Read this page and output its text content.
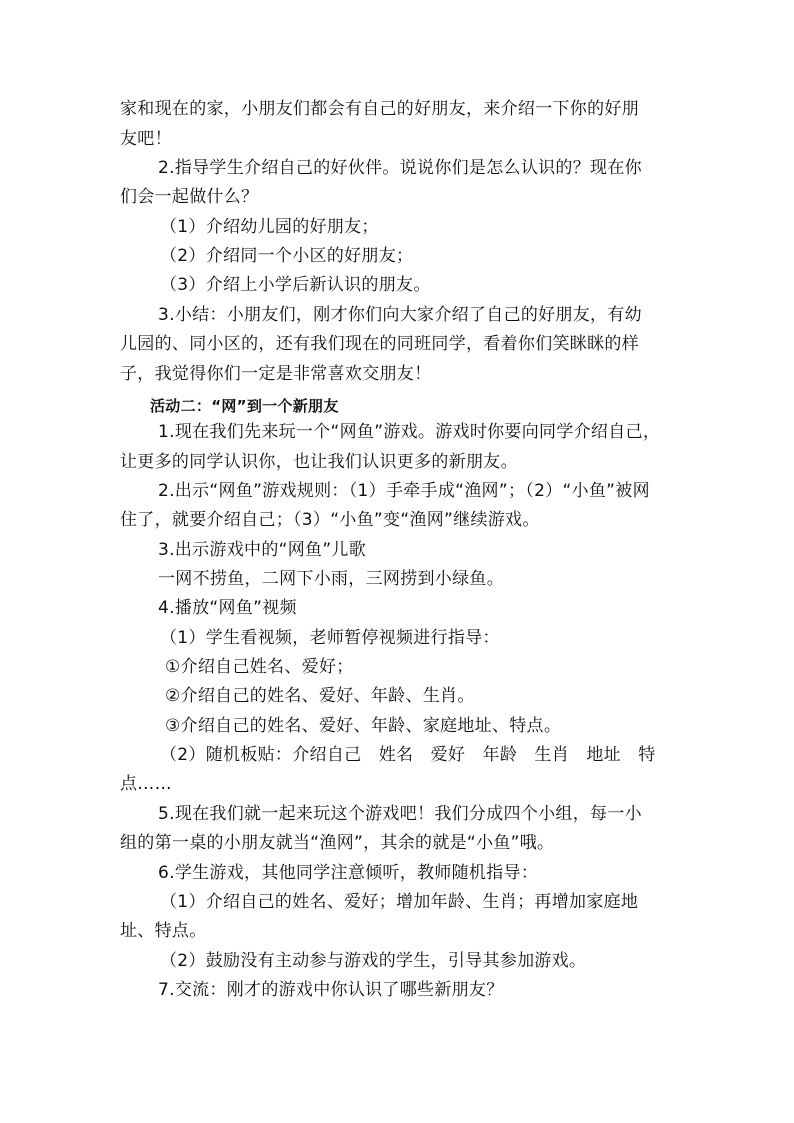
家和现在的家，小朋友们都会有自己的好朋友，来介绍一下你的好朋
友吧！
2.指导学生介绍自己的好伙伴。说说你们是怎么认识的？现在你
们会一起做什么？
（1）介绍幼儿园的好朋友；
（2）介绍同一个小区的好朋友；
（3）介绍上小学后新认识的朋友。
3.小结：小朋友们，刚才你们向大家介绍了自己的好朋友，有幼
儿园的、同小区的，还有我们现在的同班同学，看着你们笑眯眯的样
子，我觉得你们一定是非常喜欢交朋友！
活动二：“网”到一个新朋友
1.现在我们先来玩一个“网鱼”游戏。游戏时你要向同学介绍自己，
让更多的同学认识你，也让我们认识更多的新朋友。
2.出示“网鱼”游戏规则：（1）手牵手成“渔网”；（2）“小鱼”被网
住了，就要介绍自己；（3）“小鱼”变“渔网”继续游戏。
3.出示游戏中的“网鱼”儿歌
一网不捞鱼，二网下小雨，三网捞到小绿鱼。
4.播放“网鱼”视频
（1）学生看视频，老师暂停视频进行指导：
①介绍自己姓名、爱好；
②介绍自己的姓名、爱好、年龄、生肖。
③介绍自己的姓名、爱好、年龄、家庭地址、特点。
（2）随机板贴：介绍自己　姓名　爱好　年龄　生肖　地址　特
点……
5.现在我们就一起来玩这个游戏吧！我们分成四个小组，每一小
组的第一桌的小朋友就当“渔网”，其余的就是“小鱼”哦。
6.学生游戏，其他同学注意倾听，教师随机指导：
（1）介绍自己的姓名、爱好；增加年龄、生肖；再增加家庭地
址、特点。
（2）鼓励没有主动参与游戏的学生，引导其参加游戏。
7.交流：刚才的游戏中你认识了哪些新朋友？
